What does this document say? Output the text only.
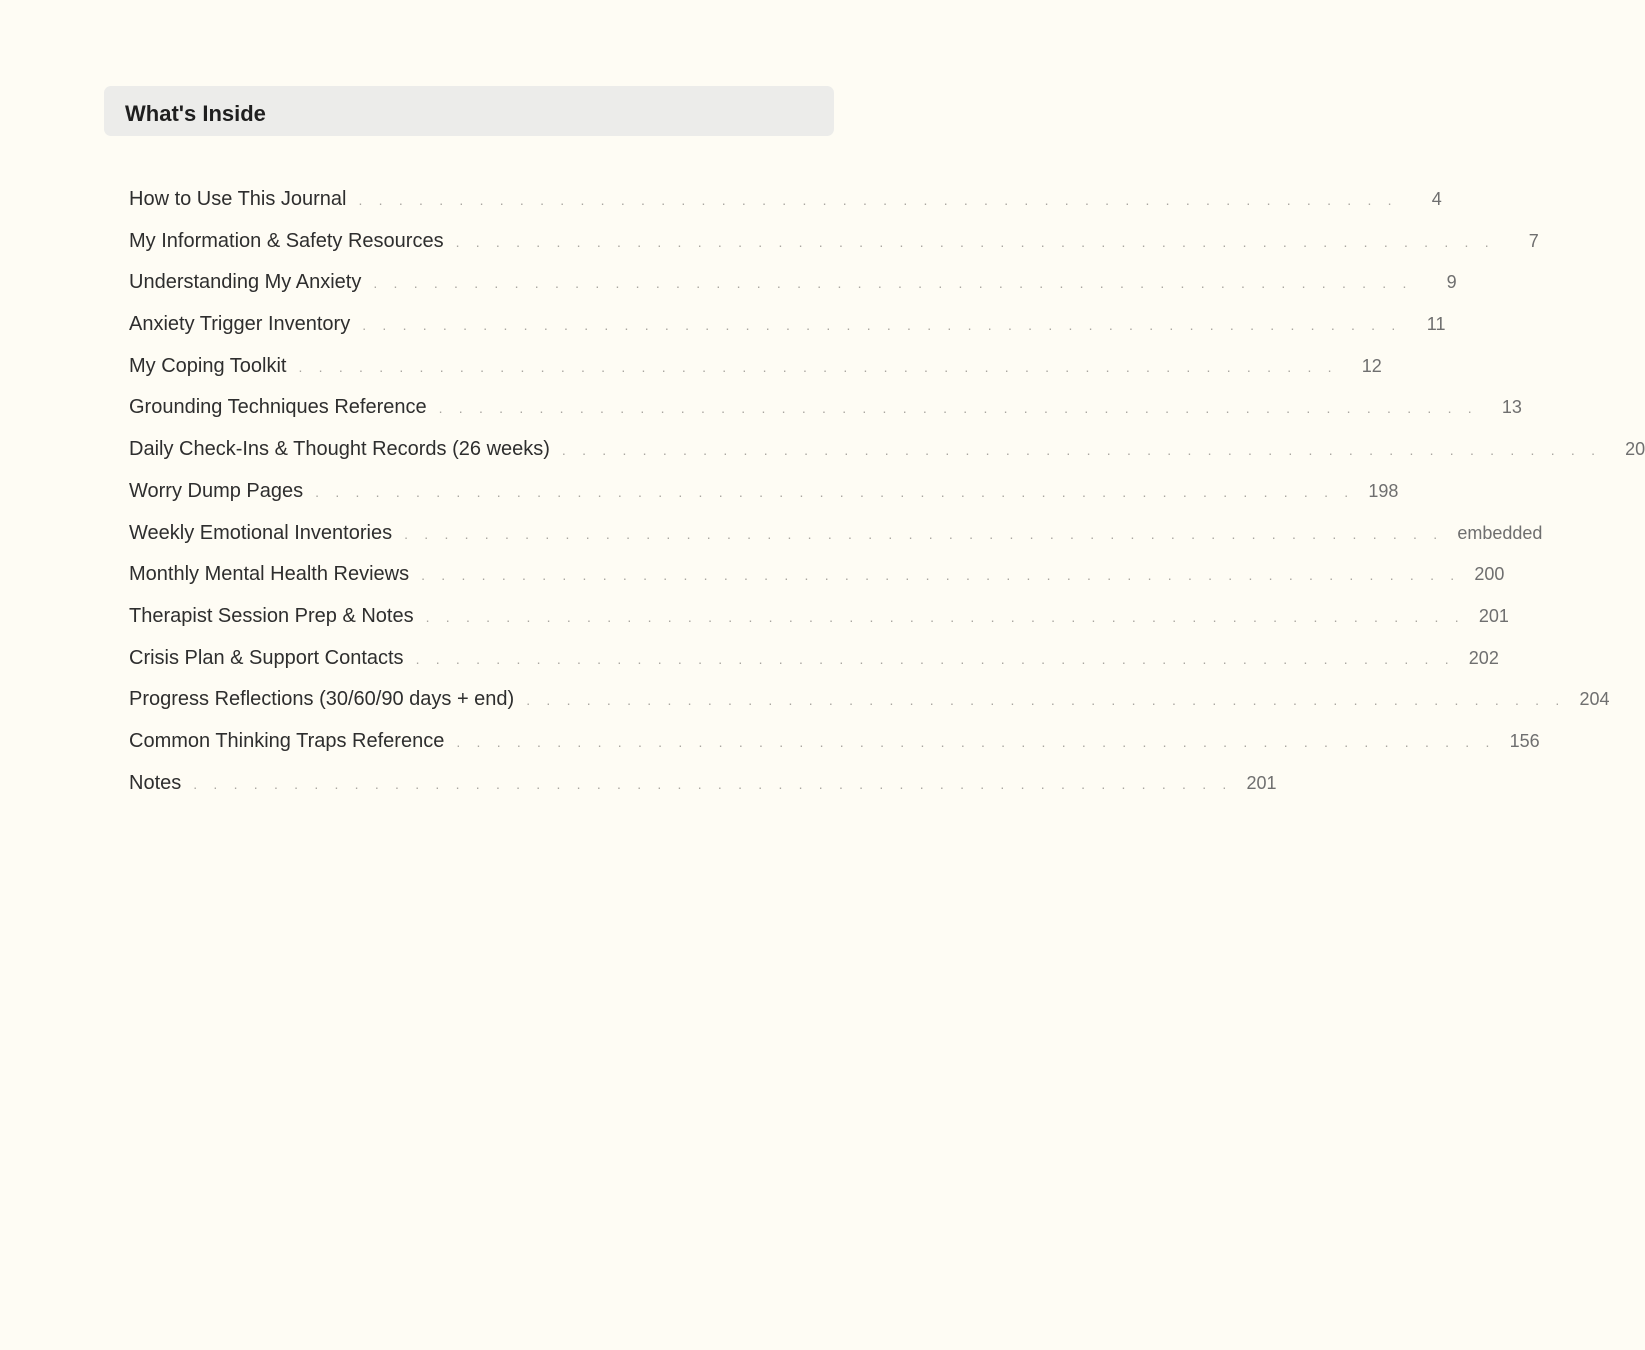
What's Inside
How to Use This Journal . . . . . . . . . . . . . . . . . . . . . . . . . . . . . . . . . . . . . . . . . . . . . . . . . . . .	4
My Information & Safety Resources . . . . . . . . . . . . . . . . . . . . . . . . . . . . . . . . . . . . . . . . . . . . . . . . . . . .	7
Understanding My Anxiety . . . . . . . . . . . . . . . . . . . . . . . . . . . . . . . . . . . . . . . . . . . . . . . . . . . .	9
Anxiety Trigger Inventory . . . . . . . . . . . . . . . . . . . . . . . . . . . . . . . . . . . . . . . . . . . . . . . . . . . .	11
My Coping Toolkit . . . . . . . . . . . . . . . . . . . . . . . . . . . . . . . . . . . . . . . . . . . . . . . . . . . .	12
Grounding Techniques Reference . . . . . . . . . . . . . . . . . . . . . . . . . . . . . . . . . . . . . . . . . . . . . . . . . . . .	13
Daily Check-Ins & Thought Records (26 weeks) . . . . . . . . . . . . . . . . . . . . . . . . . . . . . . . . . . . . . . . . . . . . . . . . . . . .	20
Worry Dump Pages . . . . . . . . . . . . . . . . . . . . . . . . . . . . . . . . . . . . . . . . . . . . . . . . . . . . 198
Weekly Emotional Inventories . . . . . . . . . . . . . . . . . . . . . . . . . . . . . . . . . . . . . . . . . . . . . . . . . . . . embedded
Monthly Mental Health Reviews . . . . . . . . . . . . . . . . . . . . . . . . . . . . . . . . . . . . . . . . . . . . . . . . . . . . 200
Therapist Session Prep & Notes . . . . . . . . . . . . . . . . . . . . . . . . . . . . . . . . . . . . . . . . . . . . . . . . . . . . 201
Crisis Plan & Support Contacts . . . . . . . . . . . . . . . . . . . . . . . . . . . . . . . . . . . . . . . . . . . . . . . . . . . . 202
Progress Reflections (30/60/90 days + end) . . . . . . . . . . . . . . . . . . . . . . . . . . . . . . . . . . . . . . . . . . . . . . . . . . . . 204
Common Thinking Traps Reference . . . . . . . . . . . . . . . . . . . . . . . . . . . . . . . . . . . . . . . . . . . . . . . . . . . . 156
Notes . . . . . . . . . . . . . . . . . . . . . . . . . . . . . . . . . . . . . . . . . . . . . . . . . . . . 201
